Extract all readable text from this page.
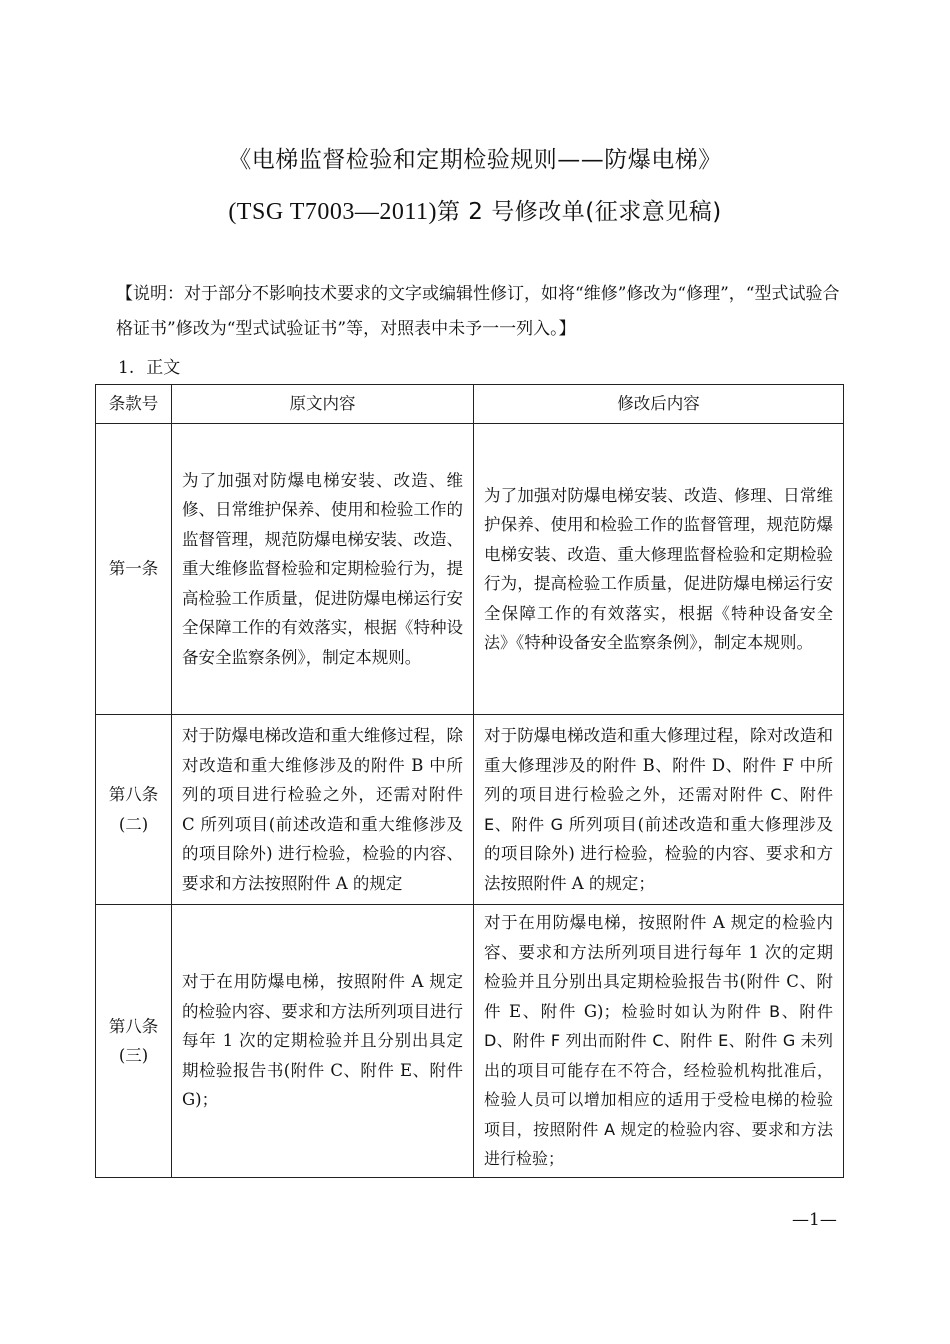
《电梯监督检验和定期检验规则——防爆电梯》
(TSG T7003—2011)第 2 号修改单(征求意见稿)
【说明：对于部分不影响技术要求的文字或编辑性修订，如将“维修”修改为“修理”，“型式试验合格证书”修改为“型式试验证书”等，对照表中未予一一列入。】
1. 正文
条款号	原文内容	修改后内容
第一条	为了加强对防爆电梯安装、改造、维修、日常维护保养、使用和检验工作的监督管理，规范防爆电梯安装、改造、重大维修监督检验和定期检验行为，提高检验工作质量，促进防爆电梯运行安全保障工作的有效落实，根据《特种设备安全监察条例》，制定本规则。	为了加强对防爆电梯安装、改造、修理、日常维护保养、使用和检验工作的监督管理，规范防爆电梯安装、改造、重大修理监督检验和定期检验行为，提高检验工作质量，促进防爆电梯运行安全保障工作的有效落实，根据《特种设备安全法》《特种设备安全监察条例》，制定本规则。

第八条
(二)	对于防爆电梯改造和重大维修过程，除对改造和重大维修涉及的附件 B 中所列的项目进行检验之外，还需对附件 C 所列项目(前述改造和重大维修涉及的项目除外) 进行检验，检验的内容、要求和方法按照附件 A 的规定	对于防爆电梯改造和重大修理过程，除对改造和重大修理涉及的附件 B、附件 D、附件 F 中所列的项目进行检验之外，还需对附件 C、附件 E、附件 G 所列项目(前述改造和重大修理涉及的项目除外) 进行检验，检验的内容、要求和方法按照附件 A 的规定；

第八条
(三)	对于在用防爆电梯，按照附件 A 规定的检验内容、要求和方法所列项目进行每年 1 次的定期检验并且分别出具定期检验报告书(附件 C、附件 E、附件 G)；	对于在用防爆电梯，按照附件 A 规定的检验内容、要求和方法所列项目进行每年 1 次的定期检验并且分别出具定期检验报告书(附件 C、附件 E、附件 G)；检验时如认为附件 B、附件 D、附件 F 列出而附件 C、附件 E、附件 G 未列出的项目可能存在不符合，经检验机构批准后，检验人员可以增加相应的适用于受检电梯的检验项目，按照附件 A 规定的检验内容、要求和方法进行检验；
—1—
